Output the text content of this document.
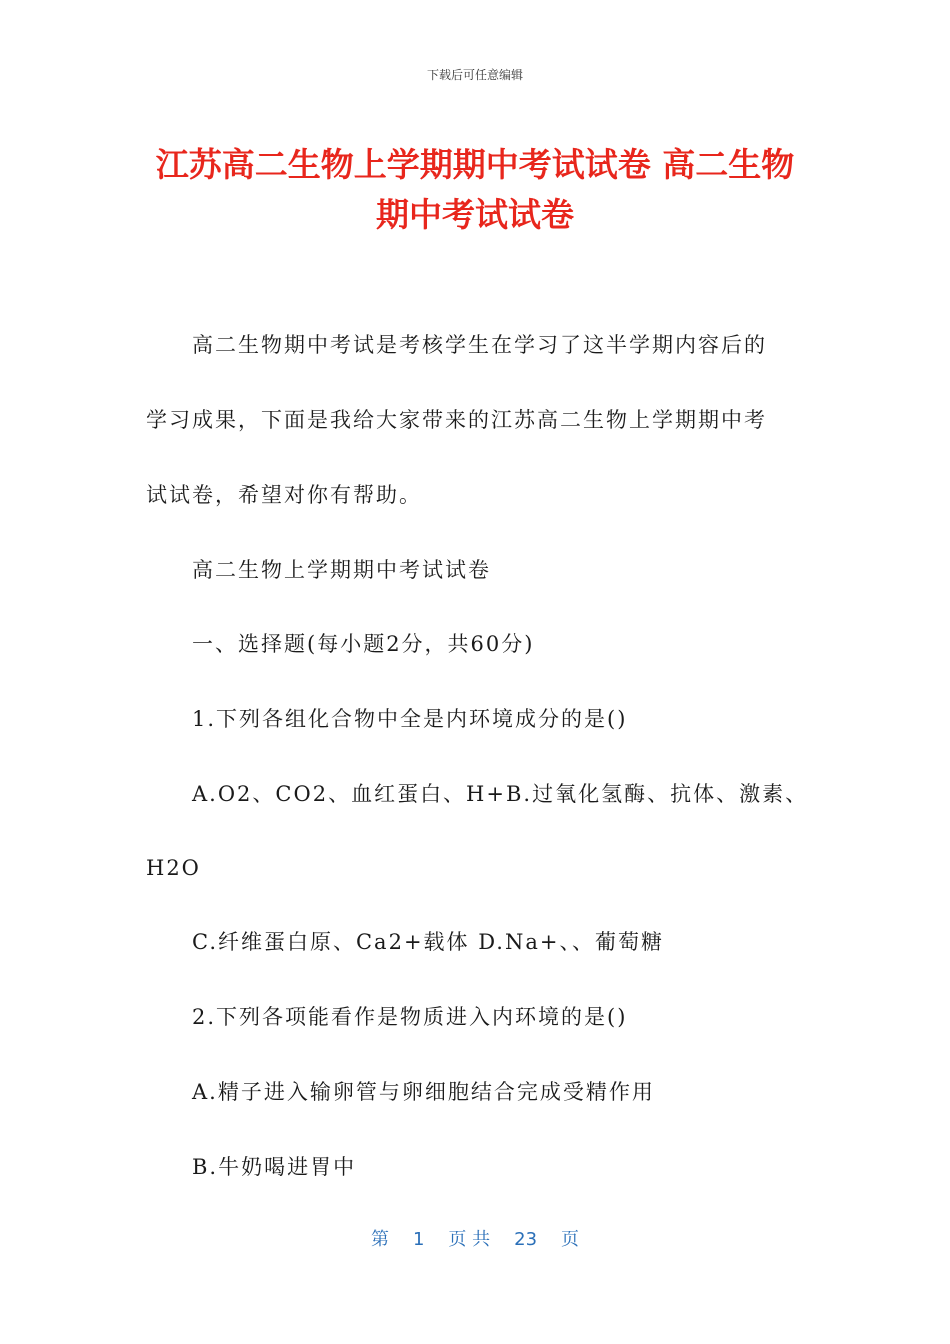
下载后可任意编辑
江苏高二生物上学期期中考试试卷 高二生物
期中考试试卷
高二生物期中考试是考核学生在学习了这半学期内容后的
学习成果，下面是我给大家带来的江苏高二生物上学期期中考
试试卷，希望对你有帮助。
高二生物上学期期中考试试卷
一、选择题(每小题2分，共60分)
1.下列各组化合物中全是内环境成分的是()
A.O2、CO2、血红蛋白、H+B.过氧化氢酶、抗体、激素、
H2O
C.纤维蛋白原、Ca2+载体 D.Na+、、葡萄糖
2.下列各项能看作是物质进入内环境的是()
A.精子进入输卵管与卵细胞结合完成受精作用
B.牛奶喝进胃中
第 1 页 共 23 页
